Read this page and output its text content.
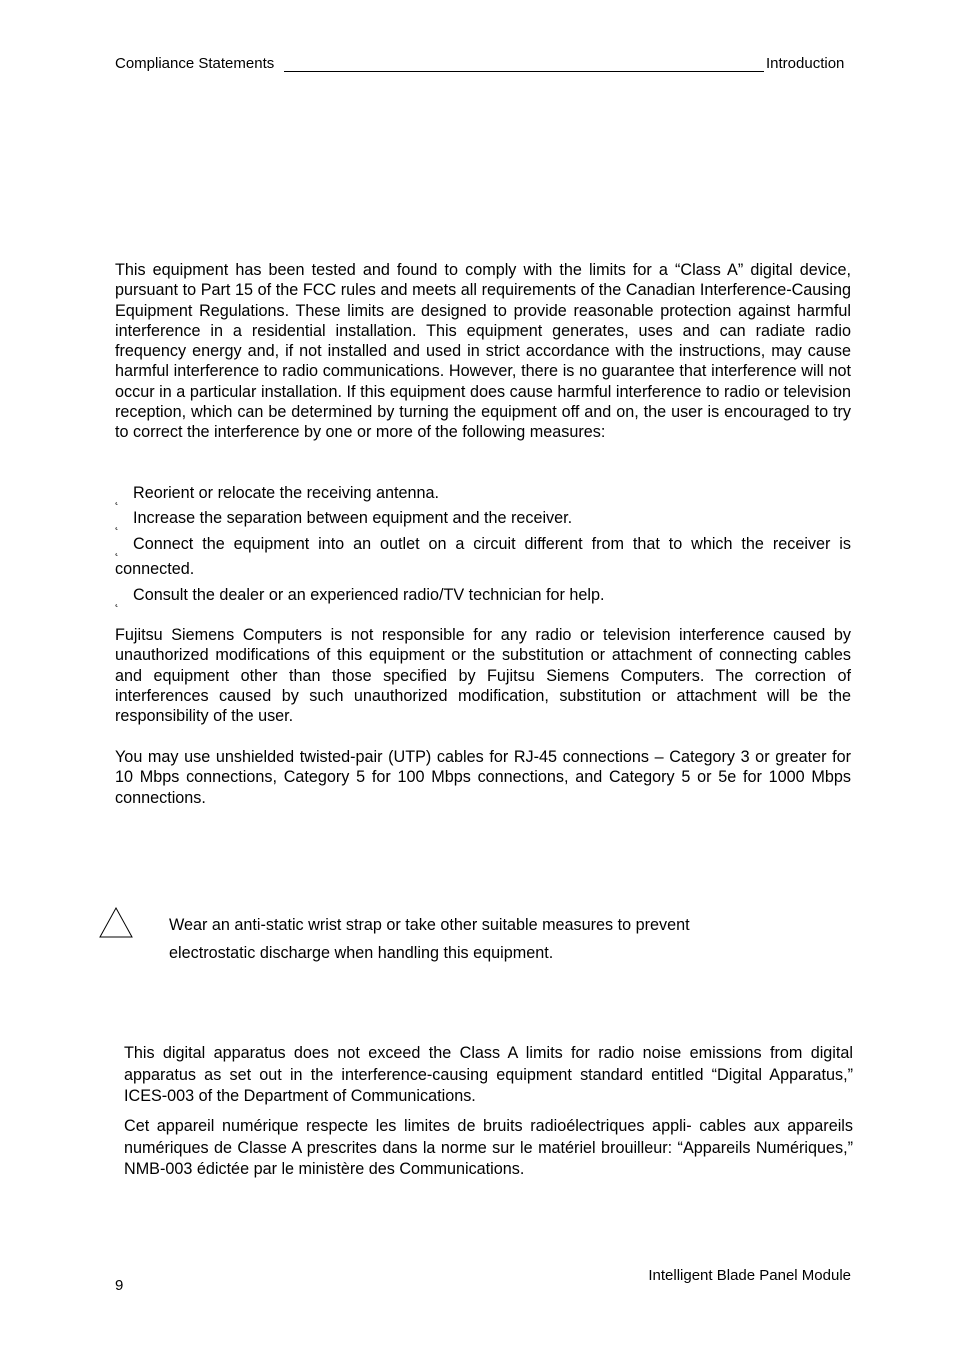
Compliance Statements	Introduction
This equipment has been tested and found to comply with the limits for a “Class A” digital device, pursuant to Part 15 of the FCC rules and meets all requirements of the Canadian Interference-Causing Equipment Regulations. These limits are designed to provide reasonable protection against harmful interference in a residential installation. This equipment generates, uses and can radiate radio frequency energy and, if not installed and used in strict accordance with the instructions, may cause harmful interference to radio communications. However, there is no guarantee that interference will not occur in a particular installation. If this equipment does cause harmful interference to radio or television reception, which can be determined by turning the equipment off and on, the user is encouraged to try to correct the interference by one or more of the following measures:
˛ Reorient or relocate the receiving antenna.
˛ Increase the separation between equipment and the receiver.
˛ Connect the equipment into an outlet on a circuit different from that to which the receiver is connected.
˛ Consult the dealer or an experienced radio/TV technician for help.
Fujitsu Siemens Computers is not responsible for any radio or television interference caused by unauthorized modifications of this equipment or the substitution or attachment of connecting cables and equipment other than those specified by Fujitsu Siemens Computers. The correction of interferences caused by such unauthorized modification, substitution or attachment will be the responsibility of the user.
You may use unshielded twisted-pair (UTP) cables for RJ-45 connections – Category 3 or greater for 10 Mbps connections, Category 5 for 100 Mbps connections, and Category 5 or 5e for 1000 Mbps connections.
Wear an anti-static wrist strap or take other suitable measures to prevent
electrostatic discharge when handling this equipment.
This digital apparatus does not exceed the Class A limits for radio noise emissions from digital apparatus as set out in the interference-causing equipment standard entitled “Digital Apparatus,” ICES-003 of the Department of Communications.
Cet appareil numérique respecte les limites de bruits radioélectriques appli- cables aux appareils numériques de Classe A prescrites dans la norme sur le matériel brouilleur: “Appareils Numériques,” NMB-003 édictée par le ministère des Communications.
9
Intelligent Blade Panel Module
